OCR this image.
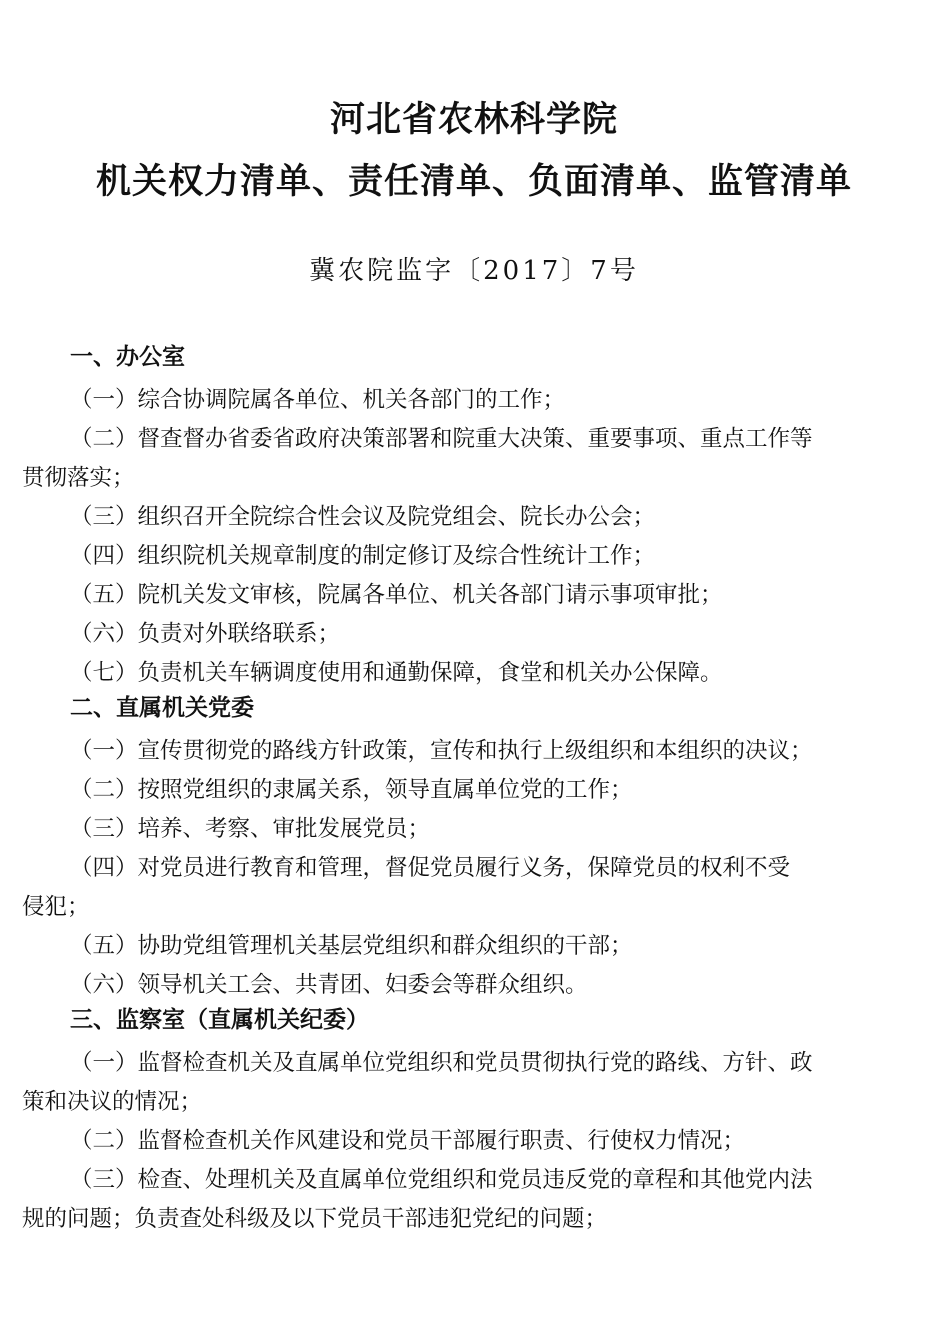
河北省农林科学院
机关权力清单、责任清单、负面清单、监管清单
冀农院监字〔2017〕7号
一、办公室

（一）综合协调院属各单位、机关各部门的工作；

（二）督查督办省委省政府决策部署和院重大决策、重要事项、重点工作等
贯彻落实；

（三）组织召开全院综合性会议及院党组会、院长办公会；

（四）组织院机关规章制度的制定修订及综合性统计工作；

（五）院机关发文审核，院属各单位、机关各部门请示事项审批；

（六）负责对外联络联系；

（七）负责机关车辆调度使用和通勤保障，食堂和机关办公保障。

二、直属机关党委

（一）宣传贯彻党的路线方针政策，宣传和执行上级组织和本组织的决议；

（二）按照党组织的隶属关系，领导直属单位党的工作；

（三）培养、考察、审批发展党员；

（四）对党员进行教育和管理，督促党员履行义务，保障党员的权利不受
侵犯；

（五）协助党组管理机关基层党组织和群众组织的干部；

（六）领导机关工会、共青团、妇委会等群众组织。

三、监察室（直属机关纪委）

（一）监督检查机关及直属单位党组织和党员贯彻执行党的路线、方针、政
策和决议的情况；

（二）监督检查机关作风建设和党员干部履行职责、行使权力情况；

（三）检查、处理机关及直属单位党组织和党员违反党的章程和其他党内法
规的问题；负责查处科级及以下党员干部违犯党纪的问题；
